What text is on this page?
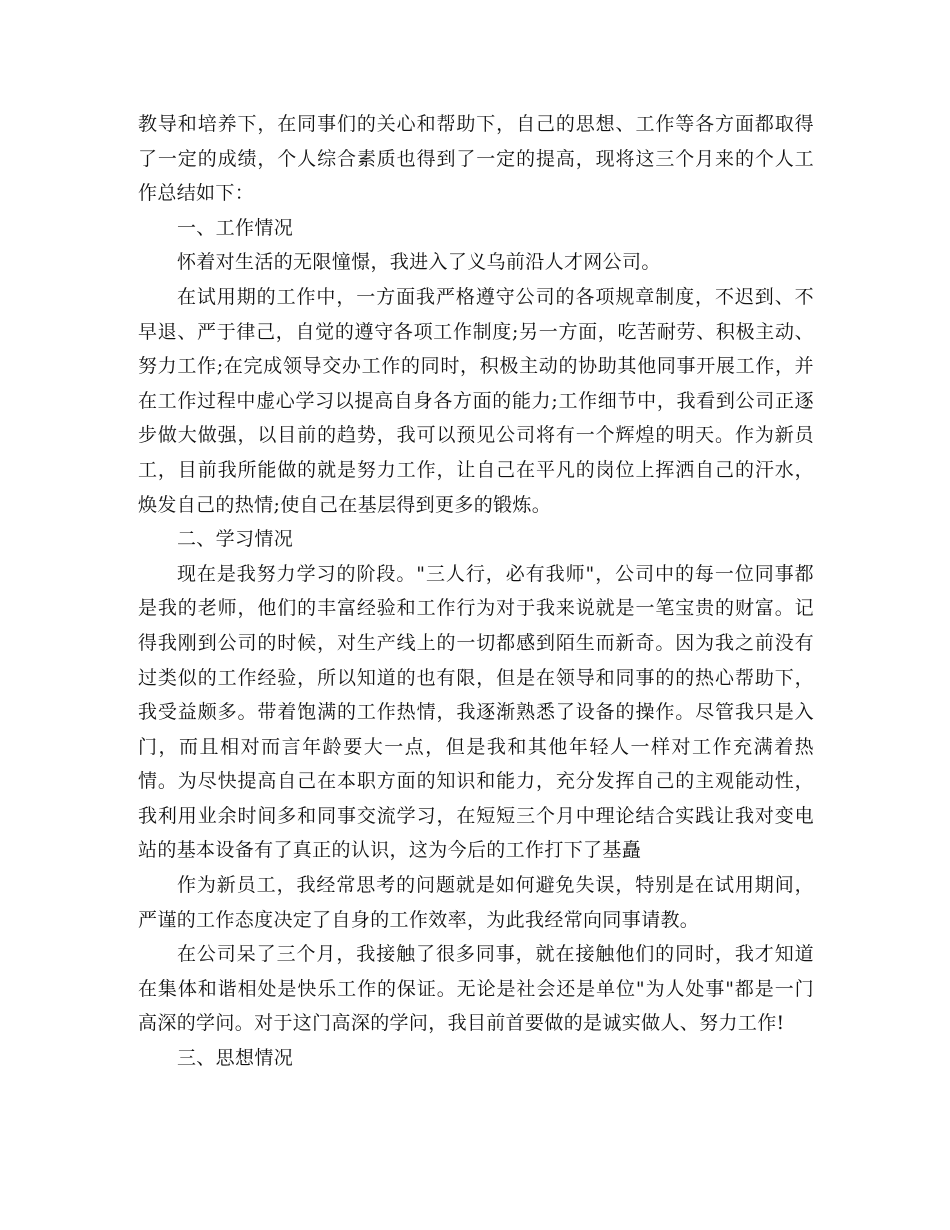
教导和培养下，在同事们的关心和帮助下，自己的思想、工作等各方面都取得了一定的成绩，个人综合素质也得到了一定的提高，现将这三个月来的个人工作总结如下：

一、工作情况

怀着对生活的无限憧憬，我进入了义乌前沿人才网公司。

在试用期的工作中，一方面我严格遵守公司的各项规章制度，不迟到、不早退、严于律己，自觉的遵守各项工作制度;另一方面，吃苦耐劳、积极主动、努力工作;在完成领导交办工作的同时，积极主动的协助其他同事开展工作，并在工作过程中虚心学习以提高自身各方面的能力;工作细节中，我看到公司正逐步做大做强，以目前的趋势，我可以预见公司将有一个辉煌的明天。作为新员工，目前我所能做的就是努力工作，让自己在平凡的岗位上挥洒自己的汗水，焕发自己的热情;使自己在基层得到更多的锻炼。

二、学习情况

现在是我努力学习的阶段。"三人行，必有我师"，公司中的每一位同事都是我的老师，他们的丰富经验和工作行为对于我来说就是一笔宝贵的财富。记得我刚到公司的时候，对生产线上的一切都感到陌生而新奇。因为我之前没有过类似的工作经验，所以知道的也有限，但是在领导和同事的的热心帮助下，我受益颇多。带着饱满的工作热情，我逐渐熟悉了设备的操作。尽管我只是入门，而且相对而言年龄要大一点，但是我和其他年轻人一样对工作充满着热情。为尽快提高自己在本职方面的知识和能力，充分发挥自己的主观能动性，我利用业余时间多和同事交流学习，在短短三个月中理论结合实践让我对变电站的基本设备有了真正的认识，这为今后的工作打下了基矗

作为新员工，我经常思考的问题就是如何避免失误，特别是在试用期间，严谨的工作态度决定了自身的工作效率，为此我经常向同事请教。

在公司呆了三个月，我接触了很多同事，就在接触他们的同时，我才知道在集体和谐相处是快乐工作的保证。无论是社会还是单位"为人处事"都是一门高深的学问。对于这门高深的学问，我目前首要做的是诚实做人、努力工作!

三、思想情况
